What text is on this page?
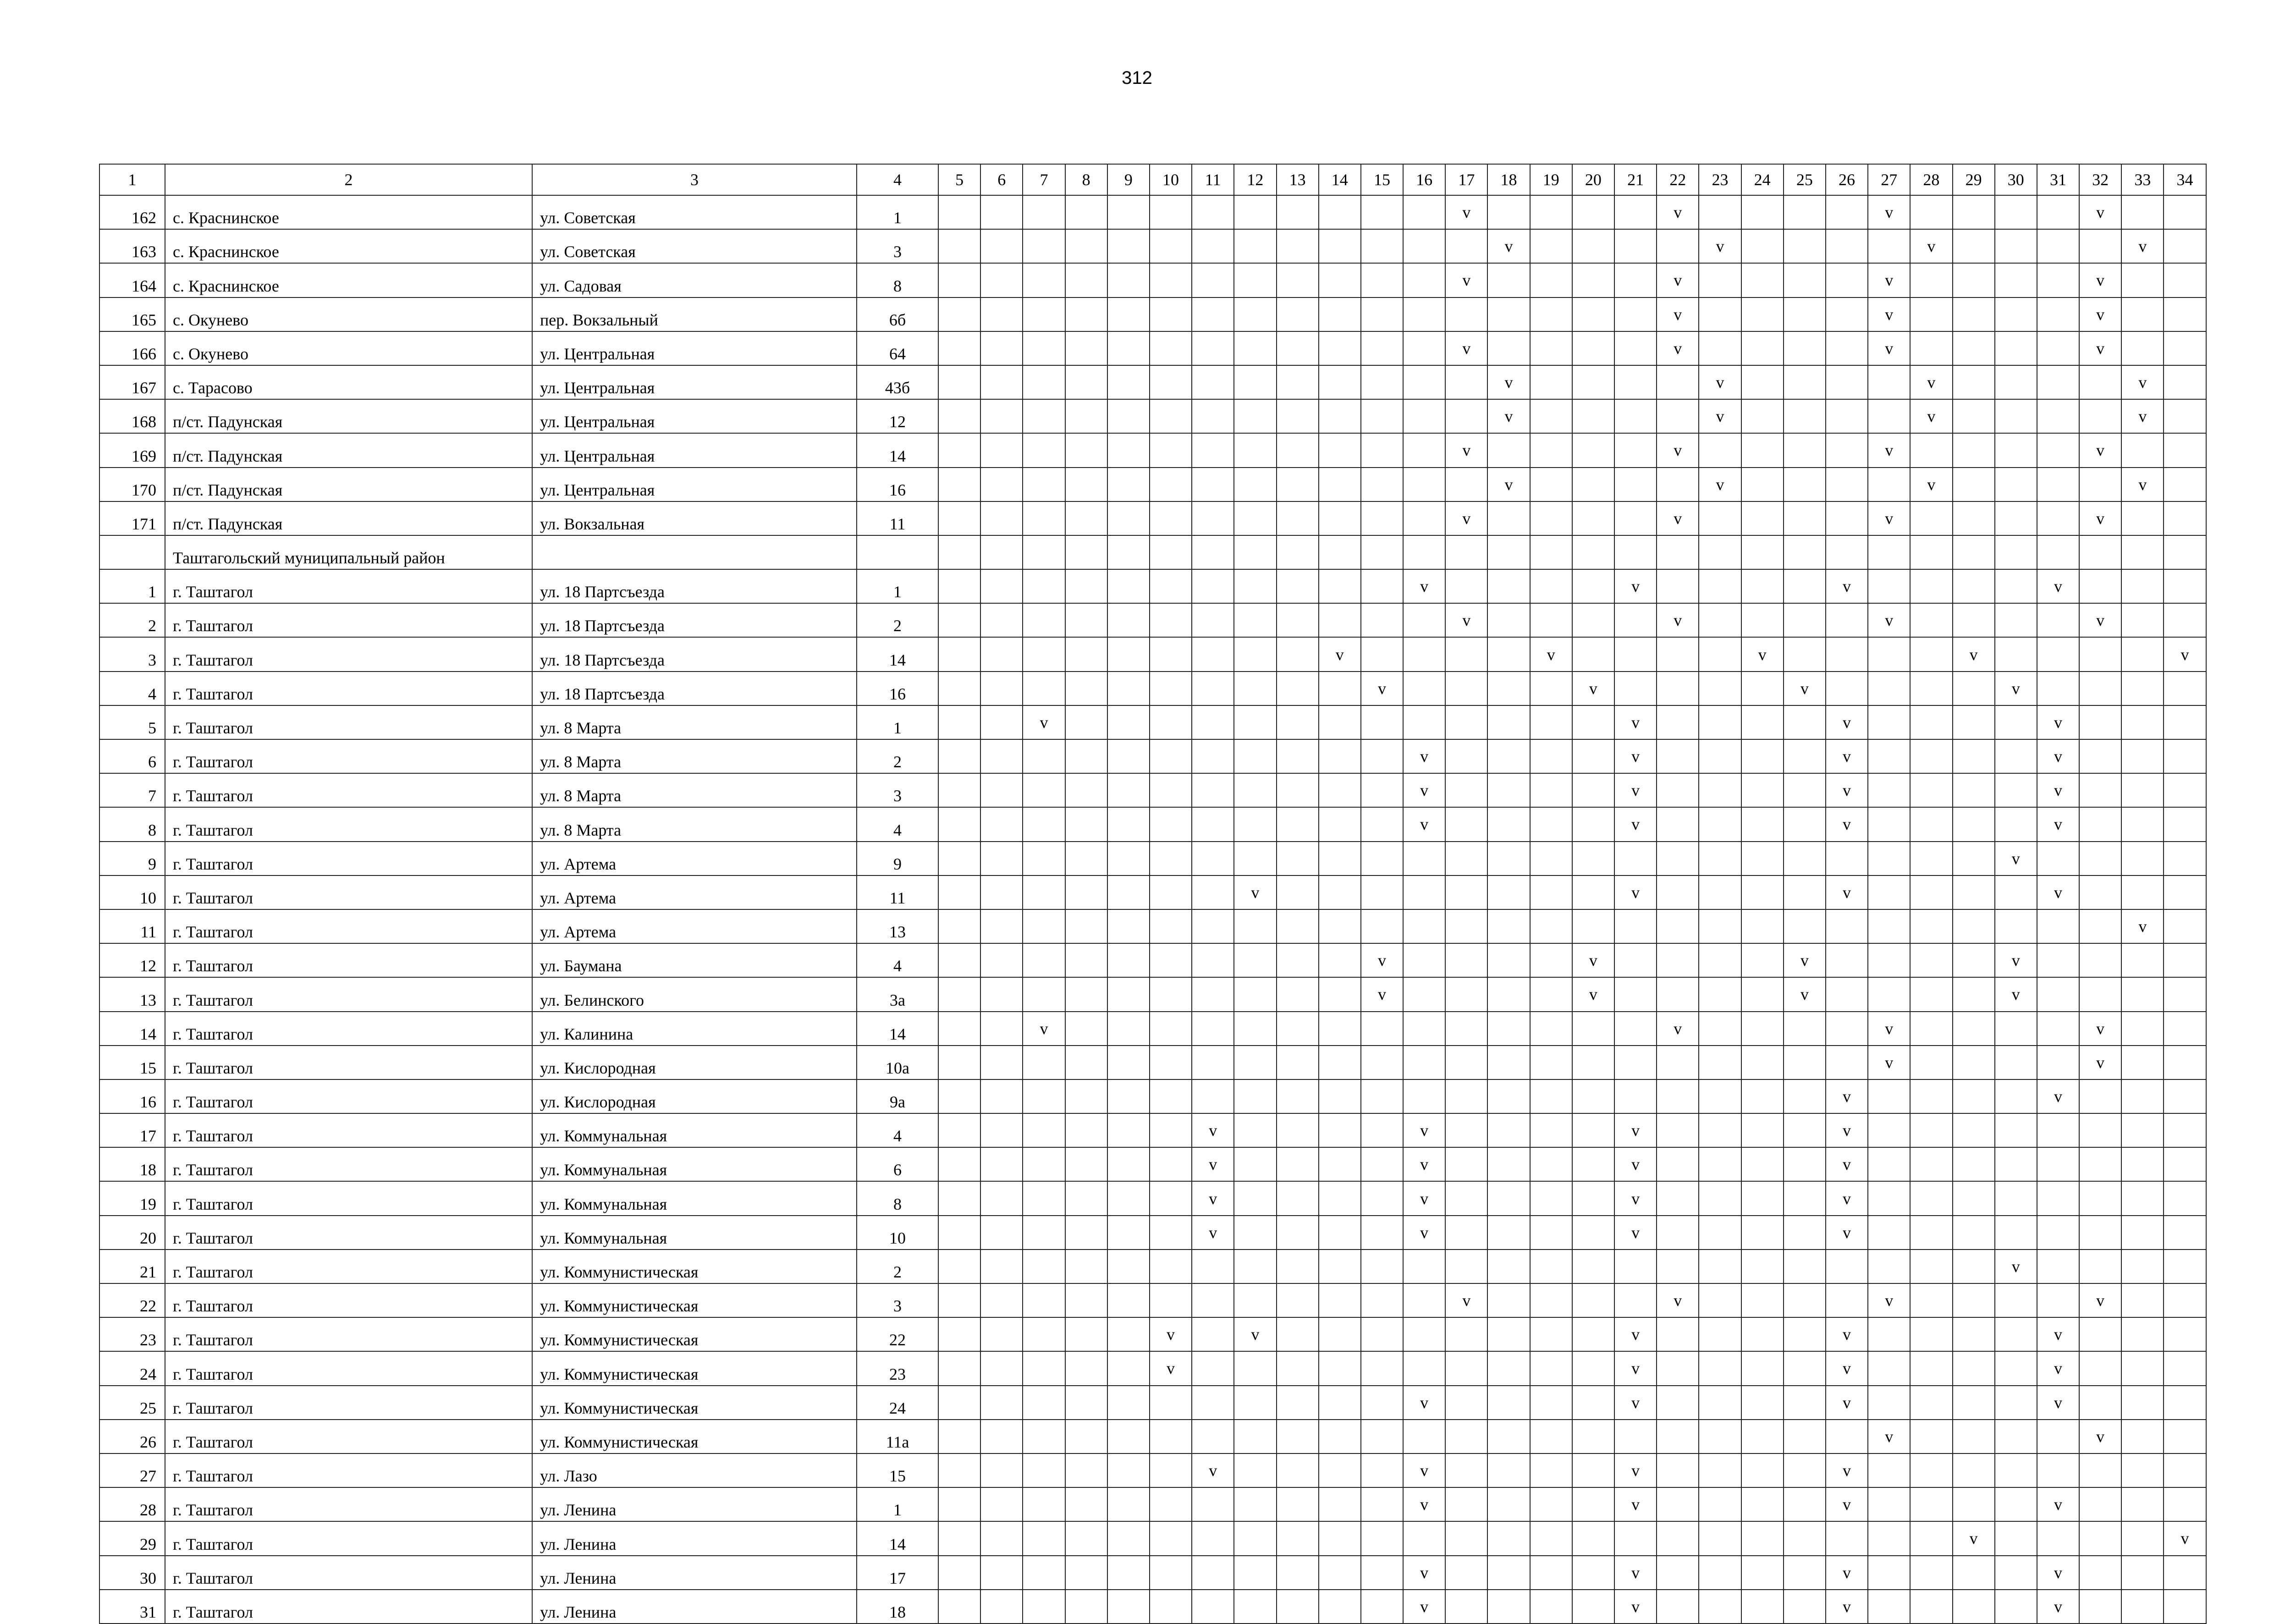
312
1	2	3	4	5	6	7	8	9	10	11	12	13	14	15	16	17	18	19	20	21	22	23	24	25	26	27	28	29	30	31	32	33	34
162	с. Краснинское	ул. Советская	1													v					v					v					v		
163	с. Краснинское	ул. Советская	3														v					v					v					v	
164	с. Краснинское	ул. Садовая	8													v					v					v					v		
165	с. Окунево	пер. Вокзальный	6б																		v					v					v		
166	с. Окунево	ул. Центральная	64													v					v					v					v		
167	с. Тарасово	ул. Центральная	43б														v					v					v					v	
168	п/ст. Падунская	ул. Центральная	12														v					v					v					v	
169	п/ст. Падунская	ул. Центральная	14													v					v					v					v		
170	п/ст. Падунская	ул. Центральная	16														v					v					v					v	
171	п/ст. Падунская	ул. Вокзальная	11													v					v					v					v		
	Таштагольский муниципальный район																																
1	г. Таштагол	ул. 18 Партсъезда	1												v					v					v					v			
2	г. Таштагол	ул. 18 Партсъезда	2													v					v					v					v		
3	г. Таштагол	ул. 18 Партсъезда	14										v					v					v					v					v
4	г. Таштагол	ул. 18 Партсъезда	16											v					v					v					v				
5	г. Таштагол	ул. 8 Марта	1			v														v					v					v			
6	г. Таштагол	ул. 8 Марта	2												v					v					v					v			
7	г. Таштагол	ул. 8 Марта	3												v					v					v					v			
8	г. Таштагол	ул. 8 Марта	4												v					v					v					v			
9	г. Таштагол	ул. Артема	9																										v				
10	г. Таштагол	ул. Артема	11								v									v					v					v			
11	г. Таштагол	ул. Артема	13																													v	
12	г. Таштагол	ул. Баумана	4											v					v					v					v				
13	г. Таштагол	ул. Белинского	3а											v					v					v					v				
14	г. Таштагол	ул. Калинина	14			v															v					v					v		
15	г. Таштагол	ул. Кислородная	10а																							v					v		
16	г. Таштагол	ул. Кислородная	9а																						v					v			
17	г. Таштагол	ул. Коммунальная	4							v					v					v					v								
18	г. Таштагол	ул. Коммунальная	6							v					v					v					v								
19	г. Таштагол	ул. Коммунальная	8							v					v					v					v								
20	г. Таштагол	ул. Коммунальная	10							v					v					v					v								
21	г. Таштагол	ул. Коммунистическая	2																										v				
22	г. Таштагол	ул. Коммунистическая	3													v					v					v					v		
23	г. Таштагол	ул. Коммунистическая	22						v		v									v					v					v			
24	г. Таштагол	ул. Коммунистическая	23						v											v					v					v			
25	г. Таштагол	ул. Коммунистическая	24												v					v					v					v			
26	г. Таштагол	ул. Коммунистическая	11а																							v					v		
27	г. Таштагол	ул. Лазо	15							v					v					v					v								
28	г. Таштагол	ул. Ленина	1												v					v					v					v			
29	г. Таштагол	ул. Ленина	14																									v					v
30	г. Таштагол	ул. Ленина	17												v					v					v					v			
31	г. Таштагол	ул. Ленина	18												v					v					v					v			
